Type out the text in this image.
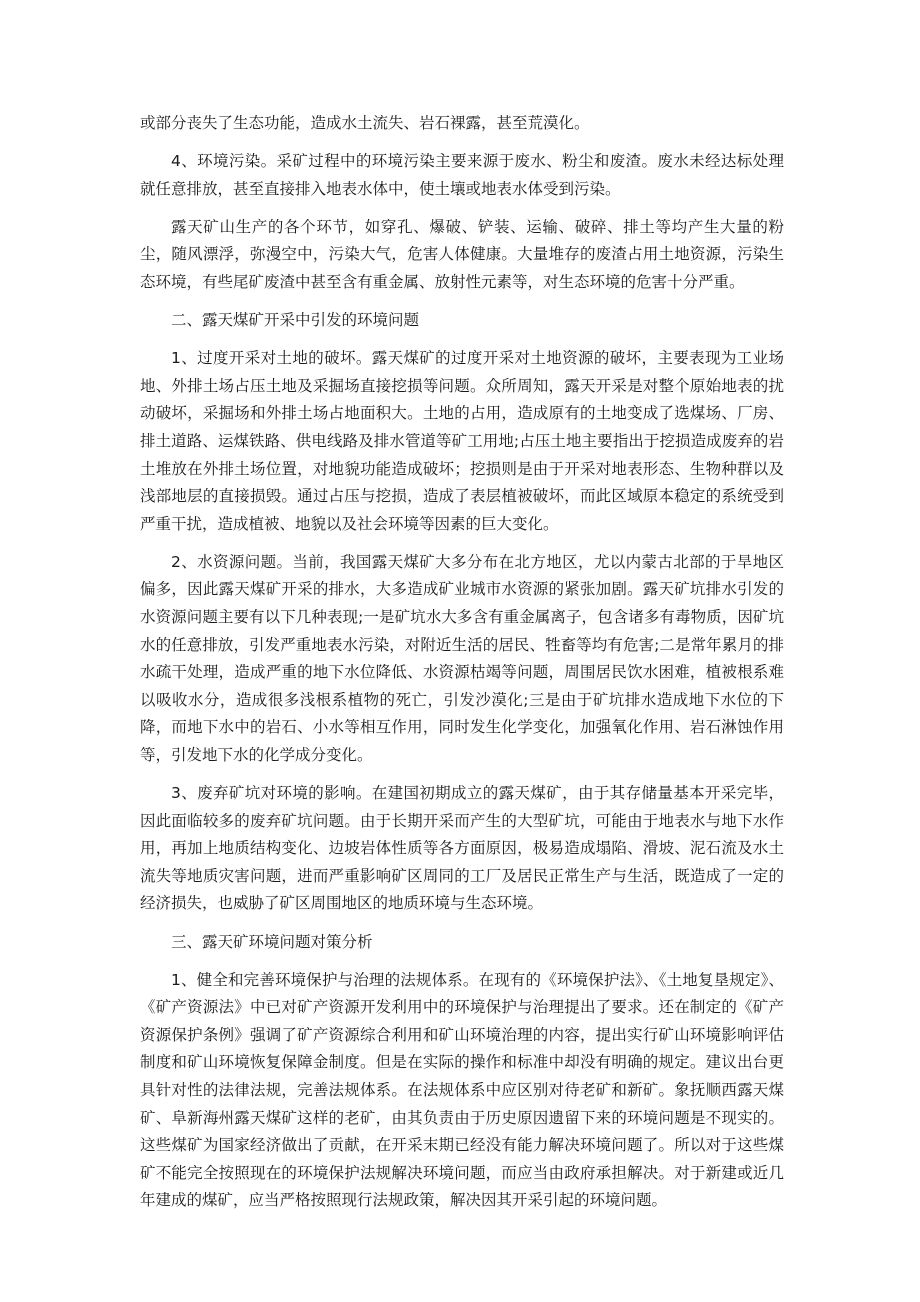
或部分丧失了生态功能，造成水土流失、岩石裸露，甚至荒漠化。

4、环境污染。采矿过程中的环境污染主要来源于废水、粉尘和废渣。废水未经达标处理就任意排放，甚至直接排入地表水体中，使土壤或地表水体受到污染。

露天矿山生产的各个环节，如穿孔、爆破、铲装、运输、破碎、排土等均产生大量的粉尘，随风漂浮，弥漫空中，污染大气，危害人体健康。大量堆存的废渣占用土地资源，污染生态环境，有些尾矿废渣中甚至含有重金属、放射性元素等，对生态环境的危害十分严重。

二、露天煤矿开采中引发的环境问题

1、过度开采对土地的破坏。露天煤矿的过度开采对土地资源的破坏，主要表现为工业场地、外排土场占压土地及采掘场直接挖损等问题。众所周知，露天开采是对整个原始地表的扰动破坏，采掘场和外排土场占地面积大。土地的占用，造成原有的土地变成了选煤场、厂房、排土道路、运煤铁路、供电线路及排水管道等矿工用地;占压土地主要指出于挖损造成废弃的岩土堆放在外排土场位置，对地貌功能造成破坏；挖损则是由于开采对地表形态、生物种群以及浅部地层的直接损毁。通过占压与挖损，造成了表层植被破坏，而此区域原本稳定的系统受到严重干扰，造成植被、地貌以及社会环境等因素的巨大变化。

2、水资源问题。当前，我国露天煤矿大多分布在北方地区，尤以内蒙古北部的于旱地区偏多，因此露天煤矿开采的排水，大多造成矿业城市水资源的紧张加剧。露天矿坑排水引发的水资源问题主要有以下几种表现;一是矿坑水大多含有重金属离子，包含诸多有毒物质，因矿坑水的任意排放，引发严重地表水污染，对附近生活的居民、牲畜等均有危害;二是常年累月的排水疏干处理，造成严重的地下水位降低、水资源枯竭等问题，周围居民饮水困难，植被根系难以吸收水分，造成很多浅根系植物的死亡，引发沙漠化;三是由于矿坑排水造成地下水位的下降，而地下水中的岩石、小水等相互作用，同时发生化学变化，加强氧化作用、岩石淋蚀作用等，引发地下水的化学成分变化。

3、废弃矿坑对环境的影响。在建国初期成立的露天煤矿，由于其存储量基本开采完毕，因此面临较多的废弃矿坑问题。由于长期开采而产生的大型矿坑，可能由于地表水与地下水作用，再加上地质结构变化、边坡岩体性质等各方面原因，极易造成塌陷、滑坡、泥石流及水土流失等地质灾害问题，进而严重影响矿区周同的工厂及居民正常生产与生活，既造成了一定的经济损失，也威胁了矿区周围地区的地质环境与生态环境。

三、露天矿环境问题对策分析

1、健全和完善环境保护与治理的法规体系。在现有的《环境保护法》、《土地复垦规定》、《矿产资源法》中已对矿产资源开发利用中的环境保护与治理提出了要求。还在制定的《矿产资源保护条例》强调了矿产资源综合利用和矿山环境治理的内容，提出实行矿山环境影响评估制度和矿山环境恢复保障金制度。但是在实际的操作和标准中却没有明确的规定。建议出台更具针对性的法律法规，完善法规体系。在法规体系中应区别对待老矿和新矿。象抚顺西露天煤矿、阜新海州露天煤矿这样的老矿，由其负责由于历史原因遗留下来的环境问题是不现实的。这些煤矿为国家经济做出了贡献，在开采末期已经没有能力解决环境问题了。所以对于这些煤矿不能完全按照现在的环境保护法规解决环境问题，而应当由政府承担解决。对于新建或近几年建成的煤矿，应当严格按照现行法规政策，解决因其开采引起的环境问题。
